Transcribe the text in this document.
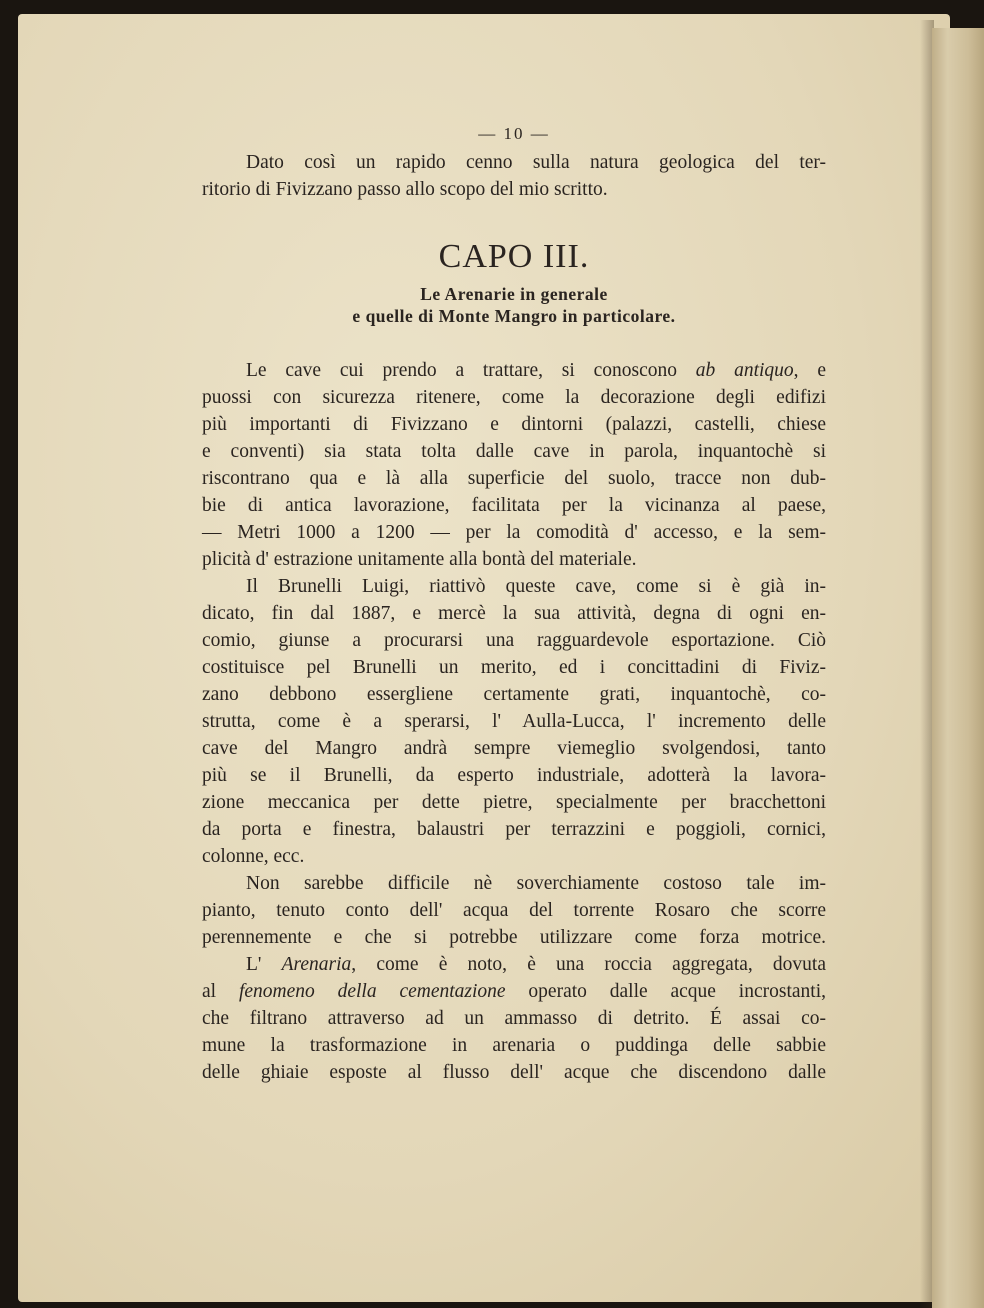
— 10 —
Dato così un rapido cenno sulla natura geologica del ter-
ritorio di Fivizzano passo allo scopo del mio scritto.
CAPO III.
Le Arenarie in generale
e quelle di Monte Mangro in particolare.
Le cave cui prendo a trattare, si conoscono ab antiquo, e
puossi con sicurezza ritenere, come la decorazione degli edifizi
più importanti di Fivizzano e dintorni (palazzi, castelli, chiese
e conventi) sia stata tolta dalle cave in parola, inquantochè si
riscontrano qua e là alla superficie del suolo, tracce non dub-
bie di antica lavorazione, facilitata per la vicinanza al paese,
— Metri 1000 a 1200 — per la comodità d' accesso, e la sem-
plicità d' estrazione unitamente alla bontà del materiale.
Il Brunelli Luigi, riattivò queste cave, come si è già in-
dicato, fin dal 1887, e mercè la sua attività, degna di ogni en-
comio, giunse a procurarsi una ragguardevole esportazione. Ciò
costituisce pel Brunelli un merito, ed i concittadini di Fiviz-
zano debbono essergliene certamente grati, inquantochè, co-
strutta, come è a sperarsi, l' Aulla-Lucca, l' incremento delle
cave del Mangro andrà sempre viemeglio svolgendosi, tanto
più se il Brunelli, da esperto industriale, adotterà la lavora-
zione meccanica per dette pietre, specialmente per bracchettoni
da porta e finestra, balaustri per terrazzini e poggioli, cornici,
colonne, ecc.
Non sarebbe difficile nè soverchiamente costoso tale im-
pianto, tenuto conto dell' acqua del torrente Rosaro che scorre
perennemente e che si potrebbe utilizzare come forza motrice.
L' Arenaria, come è noto, è una roccia aggregata, dovuta
al fenomeno della cementazione operato dalle acque incrostanti,
che filtrano attraverso ad un ammasso di detrito. É assai co-
mune la trasformazione in arenaria o puddinga delle sabbie
delle ghiaie esposte al flusso dell' acque che discendono dalle
